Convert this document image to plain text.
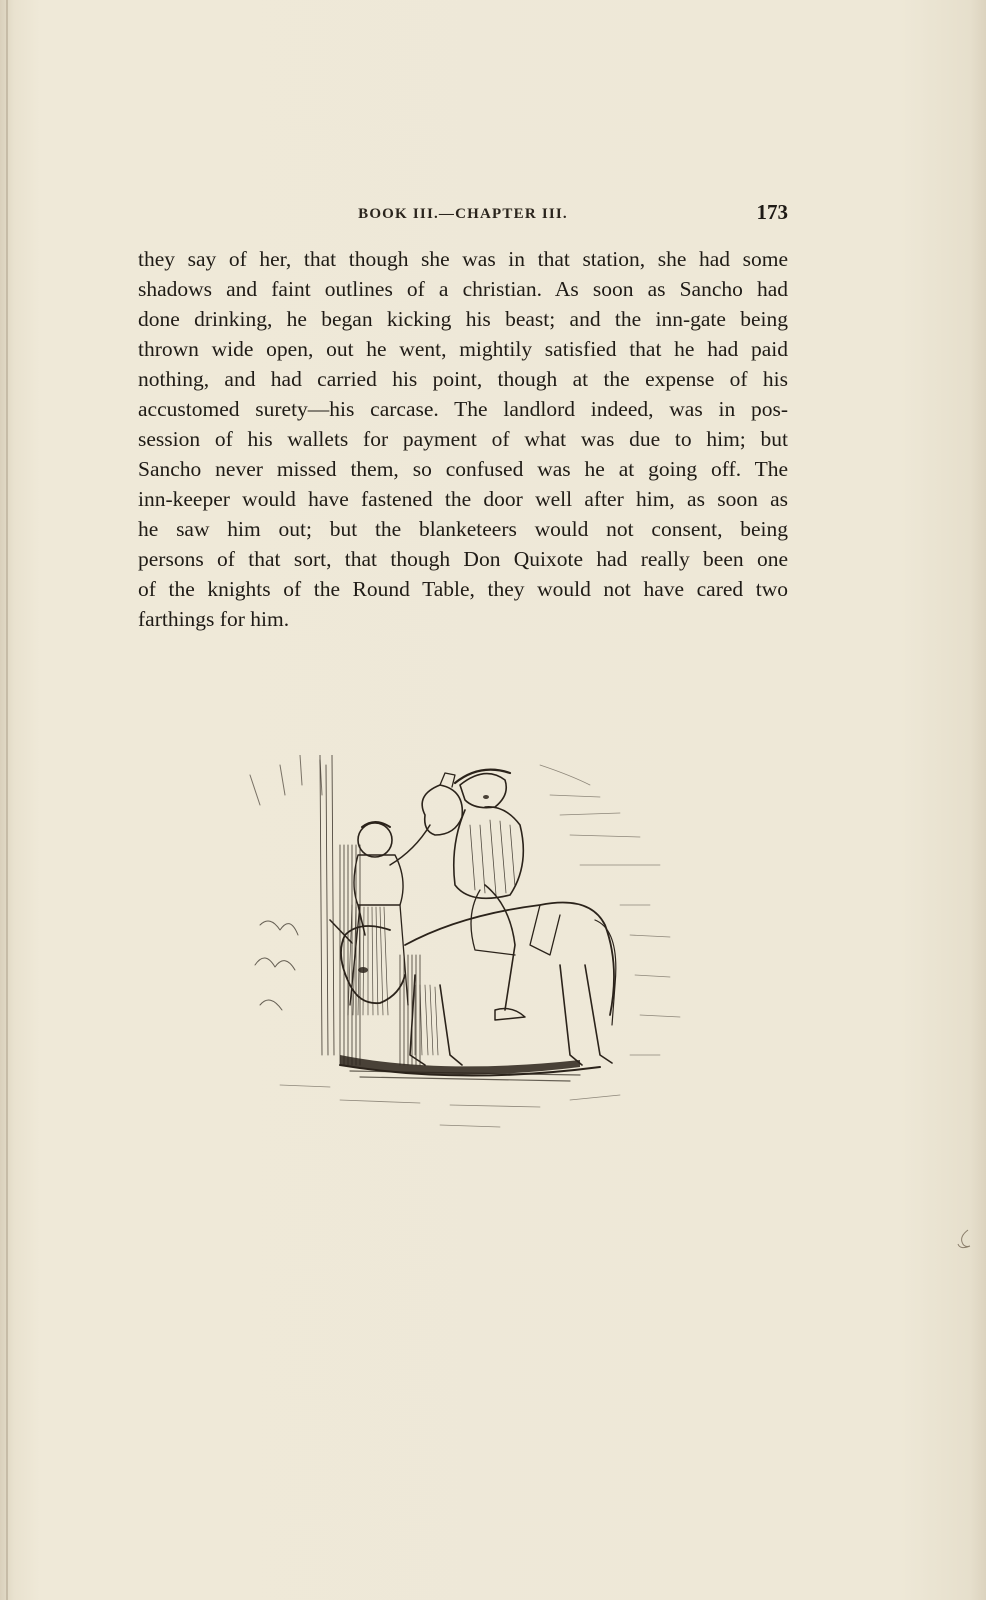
BOOK III.—CHAPTER III.	173

they say of her, that though she was in that station, she had some
shadows and faint outlines of a christian. As soon as Sancho had
done drinking, he began kicking his beast; and the inn-gate being
thrown wide open, out he went, mightily satisfied that he had paid
nothing, and had carried his point, though at the expense of his
accustomed surety—his carcase. The landlord indeed, was in pos-
session of his wallets for payment of what was due to him; but
Sancho never missed them, so confused was he at going off. The
inn-keeper would have fastened the door well after him, as soon as
he saw him out; but the blanketeers would not consent, being
persons of that sort, that though Don Quixote had really been one
of the knights of the Round Table, they would not have cared two
farthings for him.
